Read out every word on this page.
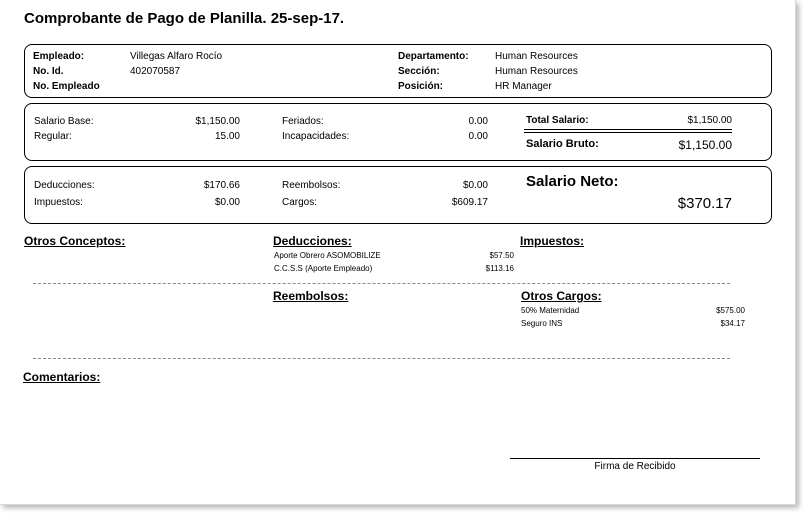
Comprobante de Pago de Planilla. 25-sep-17.
Empleado:	Villegas Alfaro Rocío
No. Id.	402070587
No. Empleado
Departamento:	Human Resources
Sección:	Human Resources
Posición:	HR Manager
Salario Base:	$1,150.00
Regular:	15.00
Feriados:	0.00
Incapacidades:	0.00
Total Salario:	$1,150.00
Salario Bruto:	$1,150.00
Deducciones:	$170.66
Impuestos:	$0.00
Reembolsos:	$0.00
Cargos:	$609.17
Salario Neto:
$370.17
Otros Conceptos:	Deducciones:	Impuestos:
Aporte Obrero ASOMOBILIZE	$57.50
C.C.S.S (Aporte Empleado)	$113.16
Reembolsos:	Otros Cargos:
50% Maternidad	$575.00
Seguro INS	$34.17
Comentarios:
Firma de Recibido
